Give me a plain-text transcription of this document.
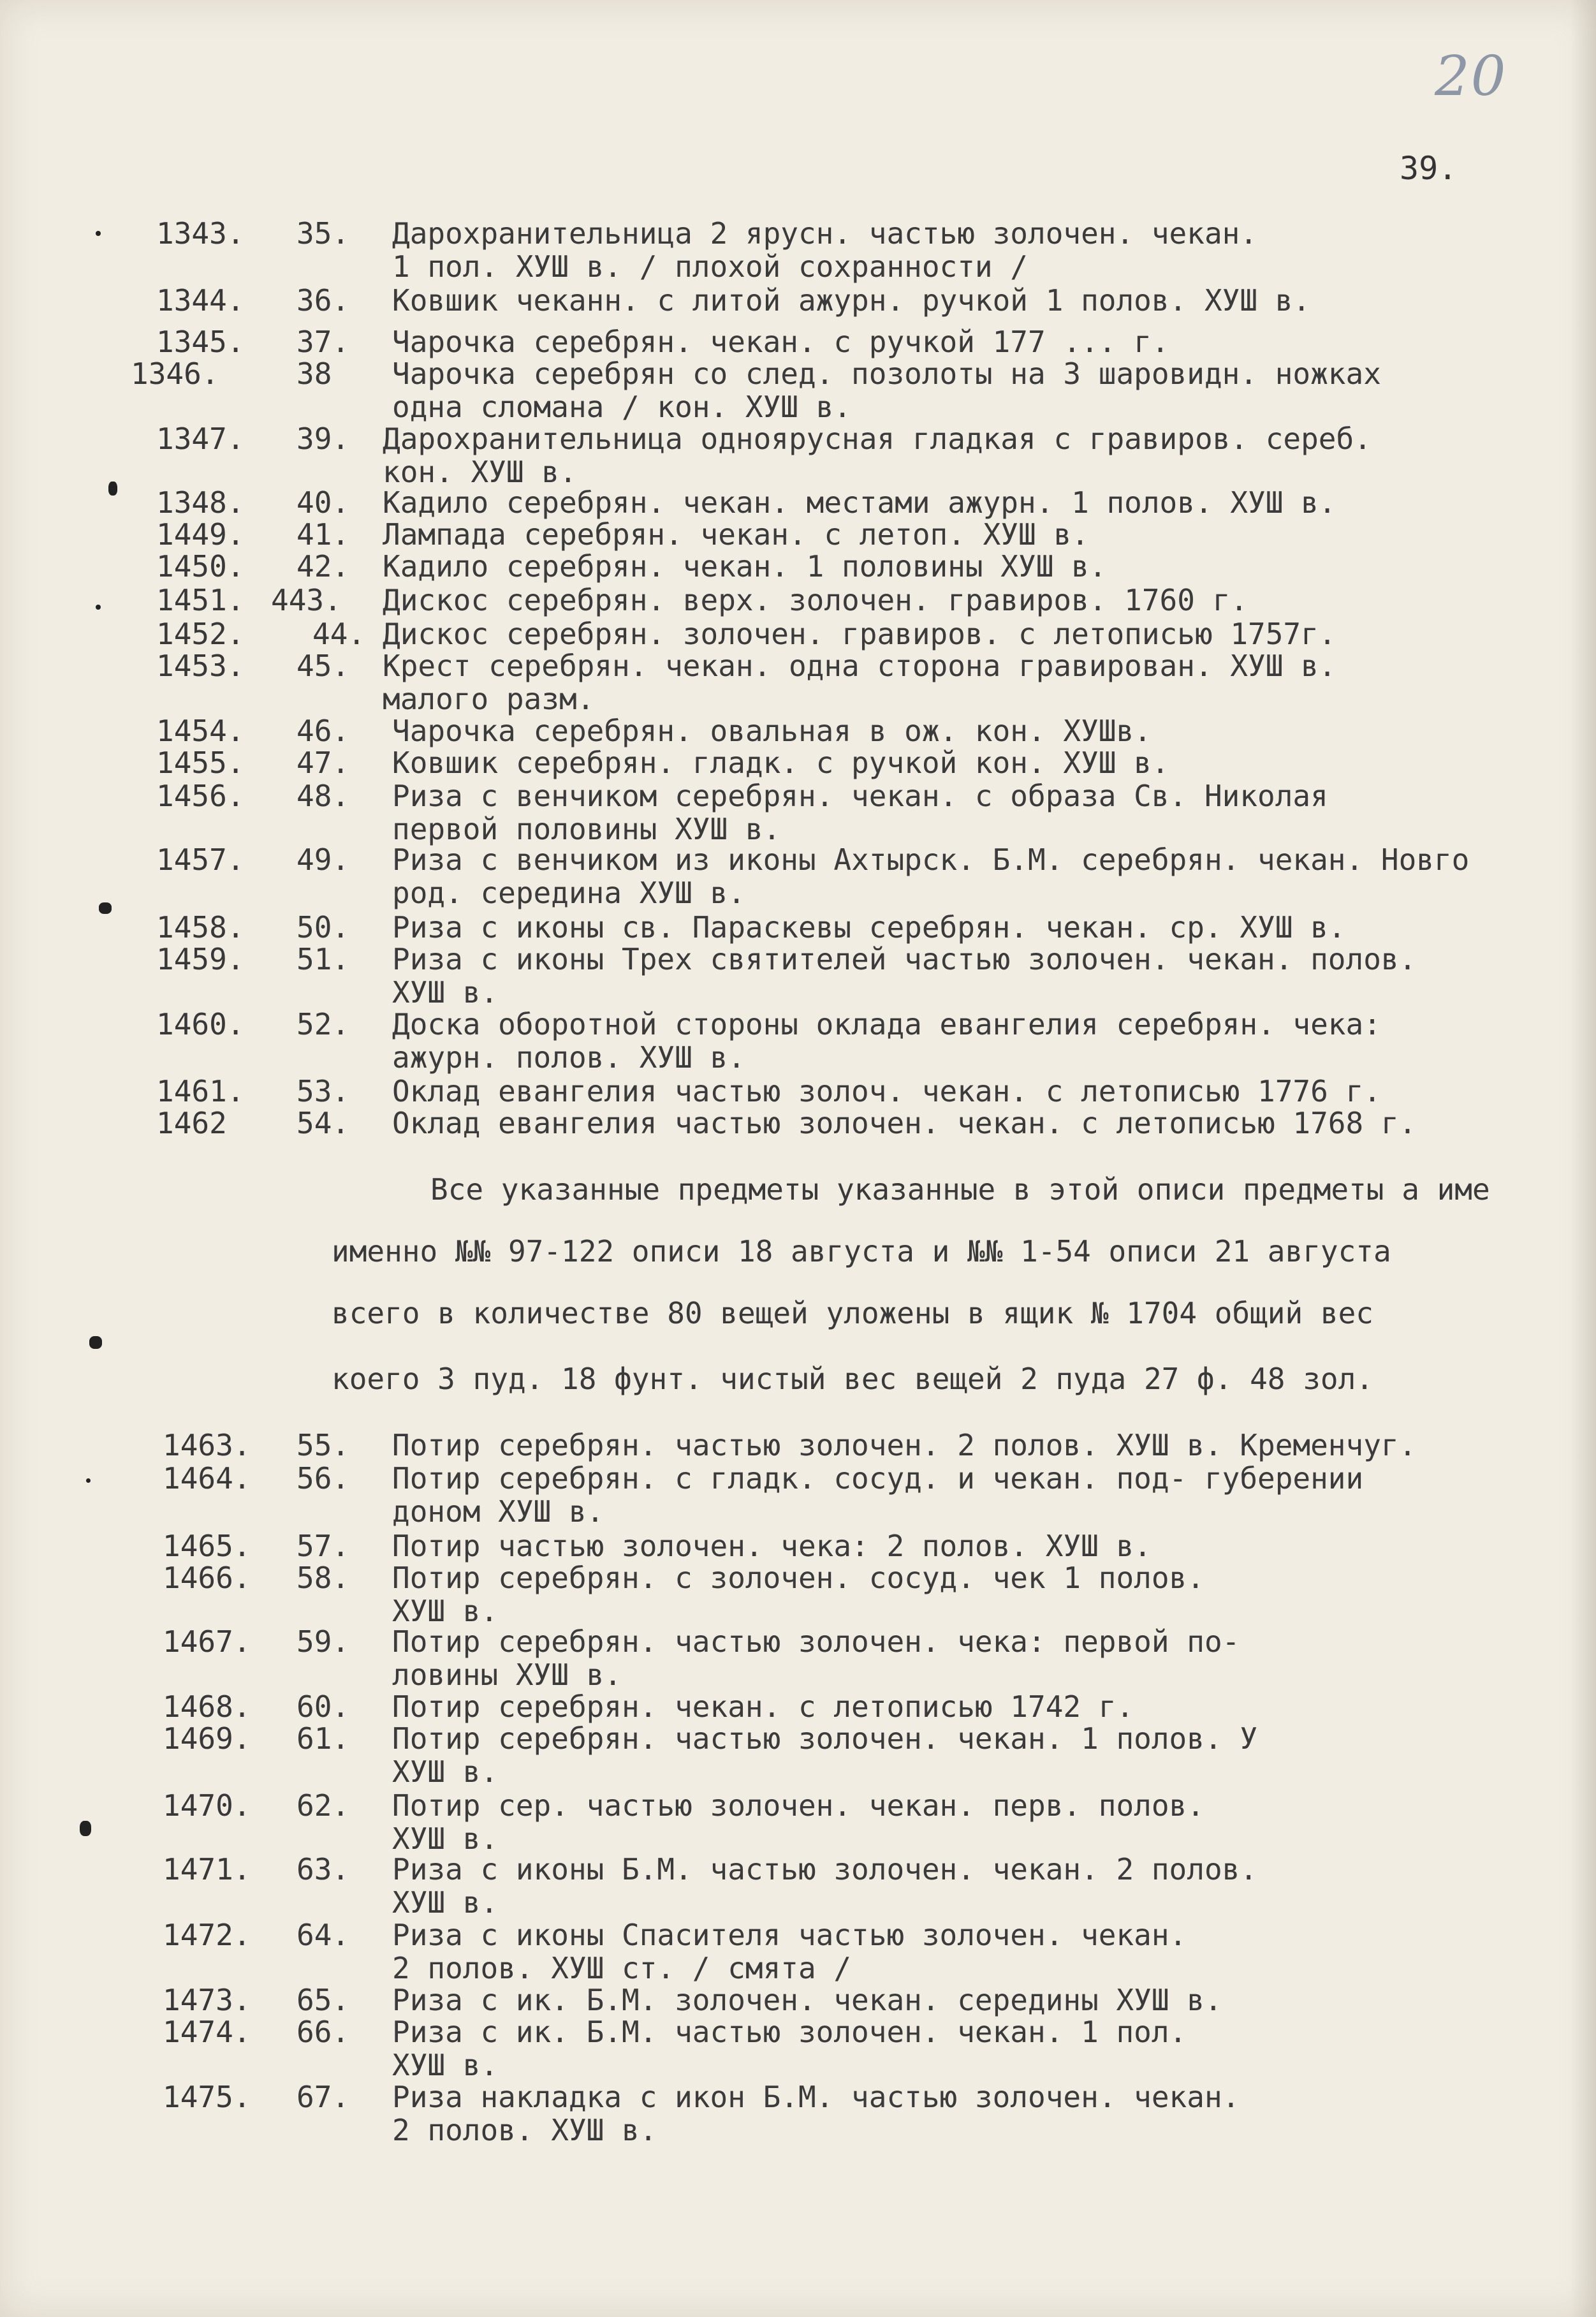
20
39.
1343. 35. Дарохранительница 2 ярусн. частью золочен. чекан.
1 пол. ХУШ в. / плохой сохранности /
1344. 36. Ковшик чеканн. с литой ажурн. ручкой 1 полов. ХУШ в.
1345. 37. Чарочка серебрян. чекан. с ручкой 177 ... г.
1346.	38 Чарочка серебрян со след. позолоты на 3 шаровидн. ножках
одна сломана / кон. ХУШ в.
1347. 39. Дарохранительница одноярусная гладкая с гравиров. сереб.
кон. ХУШ в.
1348. 40. Кадило серебрян. чекан. местами ажурн. 1 полов. ХУШ в.
1449. 41. Лампада серебрян. чекан. с летоп. ХУШ в.
1450. 42. Кадило серебрян. чекан. 1 половины ХУШ в.
1451. 443. Дискос серебрян. верх. золочен. гравиров. 1760 г.
1452. 44. Дискос серебрян. золочен. гравиров. с летописью 1757г.
1453. 45. Крест серебрян. чекан. одна сторона гравирован. ХУШ в.
малого разм.
1454. 46. Чарочка серебрян. овальная в ож. кон. ХУШв.
1455. 47. Ковшик серебрян. гладк. с ручкой кон. ХУШ в.
1456. 48. Риза с венчиком серебрян. чекан. с образа Св. Николая
первой половины ХУШ в.
1457. 49. Риза с венчиком из иконы Ахтырск. Б.М. серебрян. чекан. Новго
род. середина ХУШ в.
1458. 50. Риза с иконы св. Параскевы серебрян. чекан. ср. ХУШ в.
1459. 51. Риза с иконы Трех святителей частью золочен. чекан. полов.
ХУШ в.
1460. 52. Доска оборотной стороны оклада евангелия серебрян. чека:
ажурн. полов. ХУШ в.
1461. 53. Оклад евангелия частью золоч. чекан. с летописью 1776 г.
1462 54. Оклад евангелия частью золочен. чекан. с летописью 1768 г.
Все указанные предметы указанные в этой описи предметы а име
именно №№ 97-122 описи 18 августа и №№ 1-54 описи 21 августа
всего в количестве 80 вещей уложены в ящик № 1704 общий вес
коего 3 пуд. 18 фунт. чистый вес вещей 2 пуда 27 ф. 48 зол.
1463. 55. Потир серебрян. частью золочен. 2 полов. ХУШ в. Кременчуг.
1464. 56. Потир серебрян. с гладк. сосуд. и чекан. под- губерении
доном ХУШ в.
1465. 57. Потир частью золочен. чека: 2 полов. ХУШ в.
1466. 58. Потир серебрян. с золочен. сосуд. чек 1 полов.
ХУШ в.
1467. 59. Потир серебрян. частью золочен. чека: первой по-
ловины ХУШ в.
1468. 60. Потир серебрян. чекан. с летописью 1742 г.
1469. 61. Потир серебрян. частью золочен. чекан. 1 полов. У
ХУШ в.
1470. 62. Потир сер. частью золочен. чекан. перв. полов.
ХУШ в.
1471. 63. Риза с иконы Б.М. частью золочен. чекан. 2 полов.
ХУШ в.
1472. 64. Риза с иконы Спасителя частью золочен. чекан.
2 полов. ХУШ ст. / смята /
1473. 65. Риза с ик. Б.М. золочен. чекан. середины ХУШ в.
1474. 66. Риза с ик. Б.М. частью золочен. чекан. 1 пол.
ХУШ в.
1475. 67. Риза накладка с икон Б.М. частью золочен. чекан.
2 полов. ХУШ в.
